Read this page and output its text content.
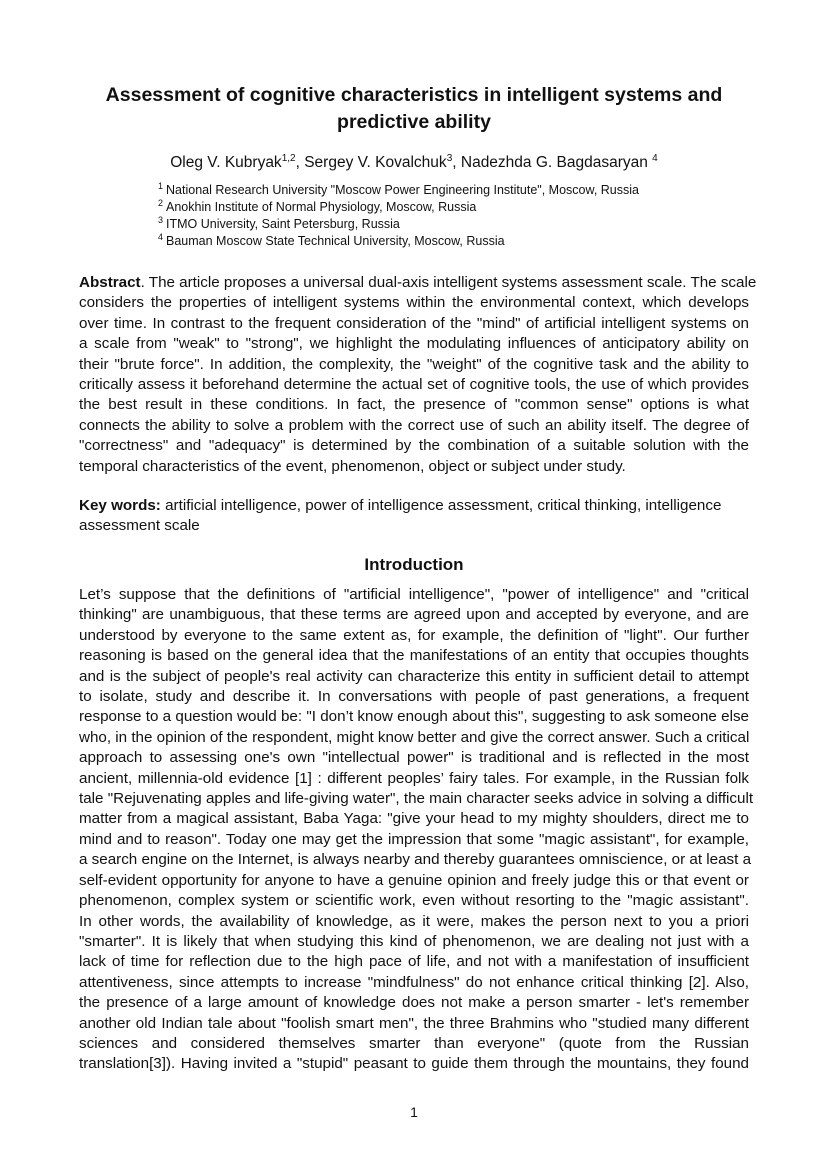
Assessment of cognitive characteristics in intelligent systems and
predictive ability
Oleg V. Kubryak$^{1,2}$, Sergey V. Kovalchuk$^3$, Nadezhda G. Bagdasaryan $^4$
$^1$ National Research University "Moscow Power Engineering Institute", Moscow, Russia
$^2$ Anokhin Institute of Normal Physiology, Moscow, Russia
$^3$ ITMO University, Saint Petersburg, Russia
$^4$ Bauman Moscow State Technical University, Moscow, Russia
Abstract. The article proposes a universal dual-axis intelligent systems assessment scale. The scale
considers the properties of intelligent systems within the environmental context, which develops
over time. In contrast to the frequent consideration of the "mind" of artificial intelligent systems on
a scale from "weak" to "strong", we highlight the modulating influences of anticipatory ability on
their "brute force". In addition, the complexity, the "weight" of the cognitive task and the ability to
critically assess it beforehand determine the actual set of cognitive tools, the use of which provides
the best result in these conditions. In fact, the presence of "common sense" options is what
connects the ability to solve a problem with the correct use of such an ability itself. The degree of
"correctness" and "adequacy" is determined by the combination of a suitable solution with the
temporal characteristics of the event, phenomenon, object or subject under study.
Key words: artificial intelligence, power of intelligence assessment, critical thinking, intelligence
assessment scale
Introduction
Let’s suppose that the definitions of "artificial intelligence", "power of intelligence" and "critical
thinking" are unambiguous, that these terms are agreed upon and accepted by everyone, and are
understood by everyone to the same extent as, for example, the definition of "light". Our further
reasoning is based on the general idea that the manifestations of an entity that occupies thoughts
and is the subject of people's real activity can characterize this entity in sufficient detail to attempt
to isolate, study and describe it. In conversations with people of past generations, a frequent
response to a question would be: "I don’t know enough about this", suggesting to ask someone else
who, in the opinion of the respondent, might know better and give the correct answer. Such a critical
approach to assessing one's own "intellectual power" is traditional and is reflected in the most
ancient, millennia-old evidence [1] : different peoples’ fairy tales. For example, in the Russian folk
tale "Rejuvenating apples and life-giving water", the main character seeks advice in solving a difficult
matter from a magical assistant, Baba Yaga: "give your head to my mighty shoulders, direct me to
mind and to reason". Today one may get the impression that some "magic assistant", for example,
a search engine on the Internet, is always nearby and thereby guarantees omniscience, or at least a
self-evident opportunity for anyone to have a genuine opinion and freely judge this or that event or
phenomenon, complex system or scientific work, even without resorting to the "magic assistant".
In other words, the availability of knowledge, as it were, makes the person next to you a priori
"smarter". It is likely that when studying this kind of phenomenon, we are dealing not just with a
lack of time for reflection due to the high pace of life, and not with a manifestation of insufficient
attentiveness, since attempts to increase "mindfulness" do not enhance critical thinking [2]. Also,
the presence of a large amount of knowledge does not make a person smarter - let's remember
another old Indian tale about "foolish smart men", the three Brahmins who "studied many different
sciences and considered themselves smarter than everyone" (quote from the Russian
translation[3]). Having invited a "stupid" peasant to guide them through the mountains, they found
1
